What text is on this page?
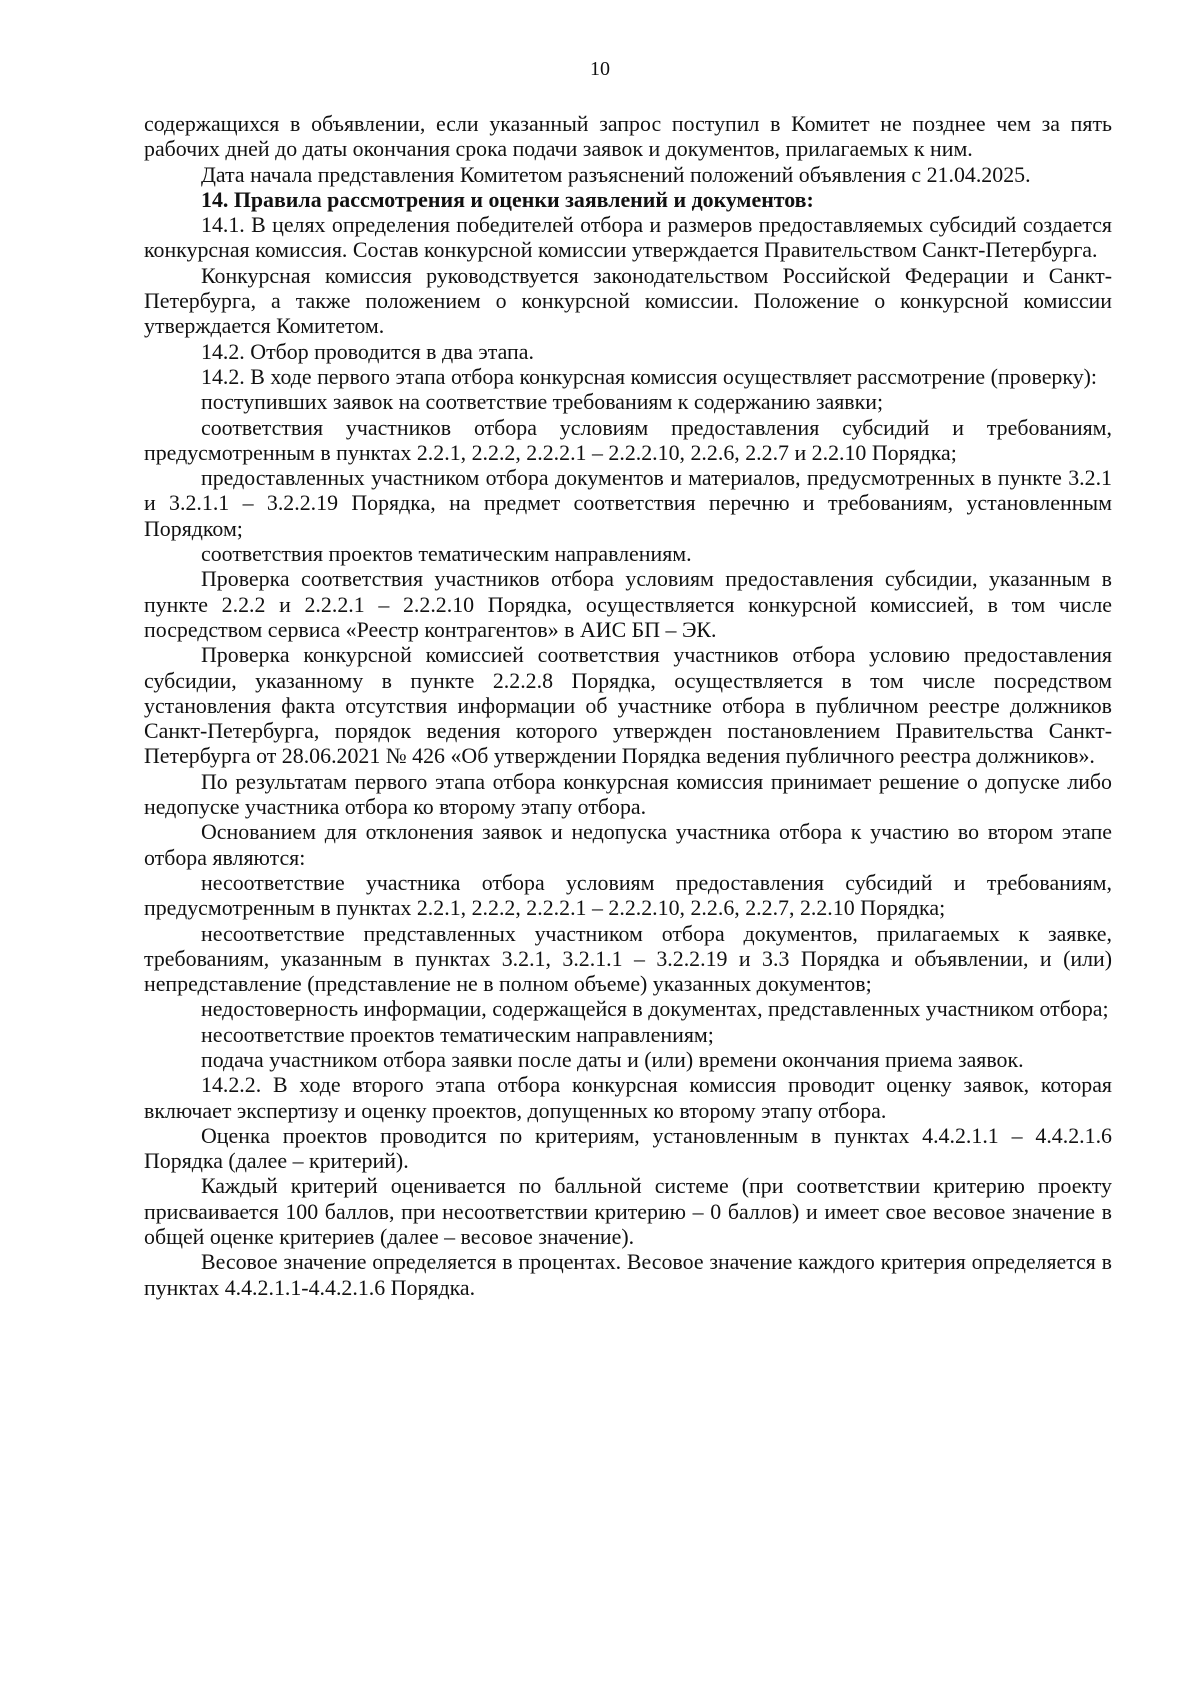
10

содержащихся в объявлении, если указанный запрос поступил в Комитет не позднее чем за пять рабочих дней до даты окончания срока подачи заявок и документов, прилагаемых к ним.

Дата начала представления Комитетом разъяснений положений объявления с 21.04.2025.

14. Правила рассмотрения и оценки заявлений и документов:

14.1. В целях определения победителей отбора и размеров предоставляемых субсидий создается конкурсная комиссия. Состав конкурсной комиссии утверждается Правительством Санкт-Петербурга.

Конкурсная комиссия руководствуется законодательством Российской Федерации и Санкт-Петербурга, а также положением о конкурсной комиссии. Положение о конкурсной комиссии утверждается Комитетом.

14.2. Отбор проводится в два этапа.

14.2. В ходе первого этапа отбора конкурсная комиссия осуществляет рассмотрение (проверку):

поступивших заявок на соответствие требованиям к содержанию заявки;

соответствия участников отбора условиям предоставления субсидий и требованиям, предусмотренным в пунктах 2.2.1, 2.2.2, 2.2.2.1 – 2.2.2.10, 2.2.6, 2.2.7 и 2.2.10 Порядка;

предоставленных участником отбора документов и материалов, предусмотренных в пункте 3.2.1 и 3.2.1.1 – 3.2.2.19 Порядка, на предмет соответствия перечню и требованиям, установленным Порядком;

соответствия проектов тематическим направлениям.

Проверка соответствия участников отбора условиям предоставления субсидии, указанным в пункте 2.2.2 и 2.2.2.1 – 2.2.2.10 Порядка, осуществляется конкурсной комиссией, в том числе посредством сервиса «Реестр контрагентов» в АИС БП – ЭК.

Проверка конкурсной комиссией соответствия участников отбора условию предоставления субсидии, указанному в пункте 2.2.2.8 Порядка, осуществляется в том числе посредством установления факта отсутствия информации об участнике отбора в публичном реестре должников Санкт-Петербурга, порядок ведения которого утвержден постановлением Правительства Санкт-Петербурга от 28.06.2021 № 426 «Об утверждении Порядка ведения публичного реестра должников».

По результатам первого этапа отбора конкурсная комиссия принимает решение о допуске либо недопуске участника отбора ко второму этапу отбора.

Основанием для отклонения заявок и недопуска участника отбора к участию во втором этапе отбора являются:

несоответствие участника отбора условиям предоставления субсидий и требованиям, предусмотренным в пунктах 2.2.1, 2.2.2, 2.2.2.1 – 2.2.2.10, 2.2.6, 2.2.7, 2.2.10 Порядка;

несоответствие представленных участником отбора документов, прилагаемых к заявке, требованиям, указанным в пунктах 3.2.1, 3.2.1.1 – 3.2.2.19 и 3.3 Порядка и объявлении, и (или) непредставление (представление не в полном объеме) указанных документов;

недостоверность информации, содержащейся в документах, представленных участником отбора;

несоответствие проектов тематическим направлениям;

подача участником отбора заявки после даты и (или) времени окончания приема заявок.

14.2.2. В ходе второго этапа отбора конкурсная комиссия проводит оценку заявок, которая включает экспертизу и оценку проектов, допущенных ко второму этапу отбора.

Оценка проектов проводится по критериям, установленным в пунктах 4.4.2.1.1 – 4.4.2.1.6 Порядка (далее – критерий).

Каждый критерий оценивается по балльной системе (при соответствии критерию проекту присваивается 100 баллов, при несоответствии критерию – 0 баллов) и имеет свое весовое значение в общей оценке критериев (далее – весовое значение).

Весовое значение определяется в процентах. Весовое значение каждого критерия определяется в пунктах 4.4.2.1.1-4.4.2.1.6 Порядка.
